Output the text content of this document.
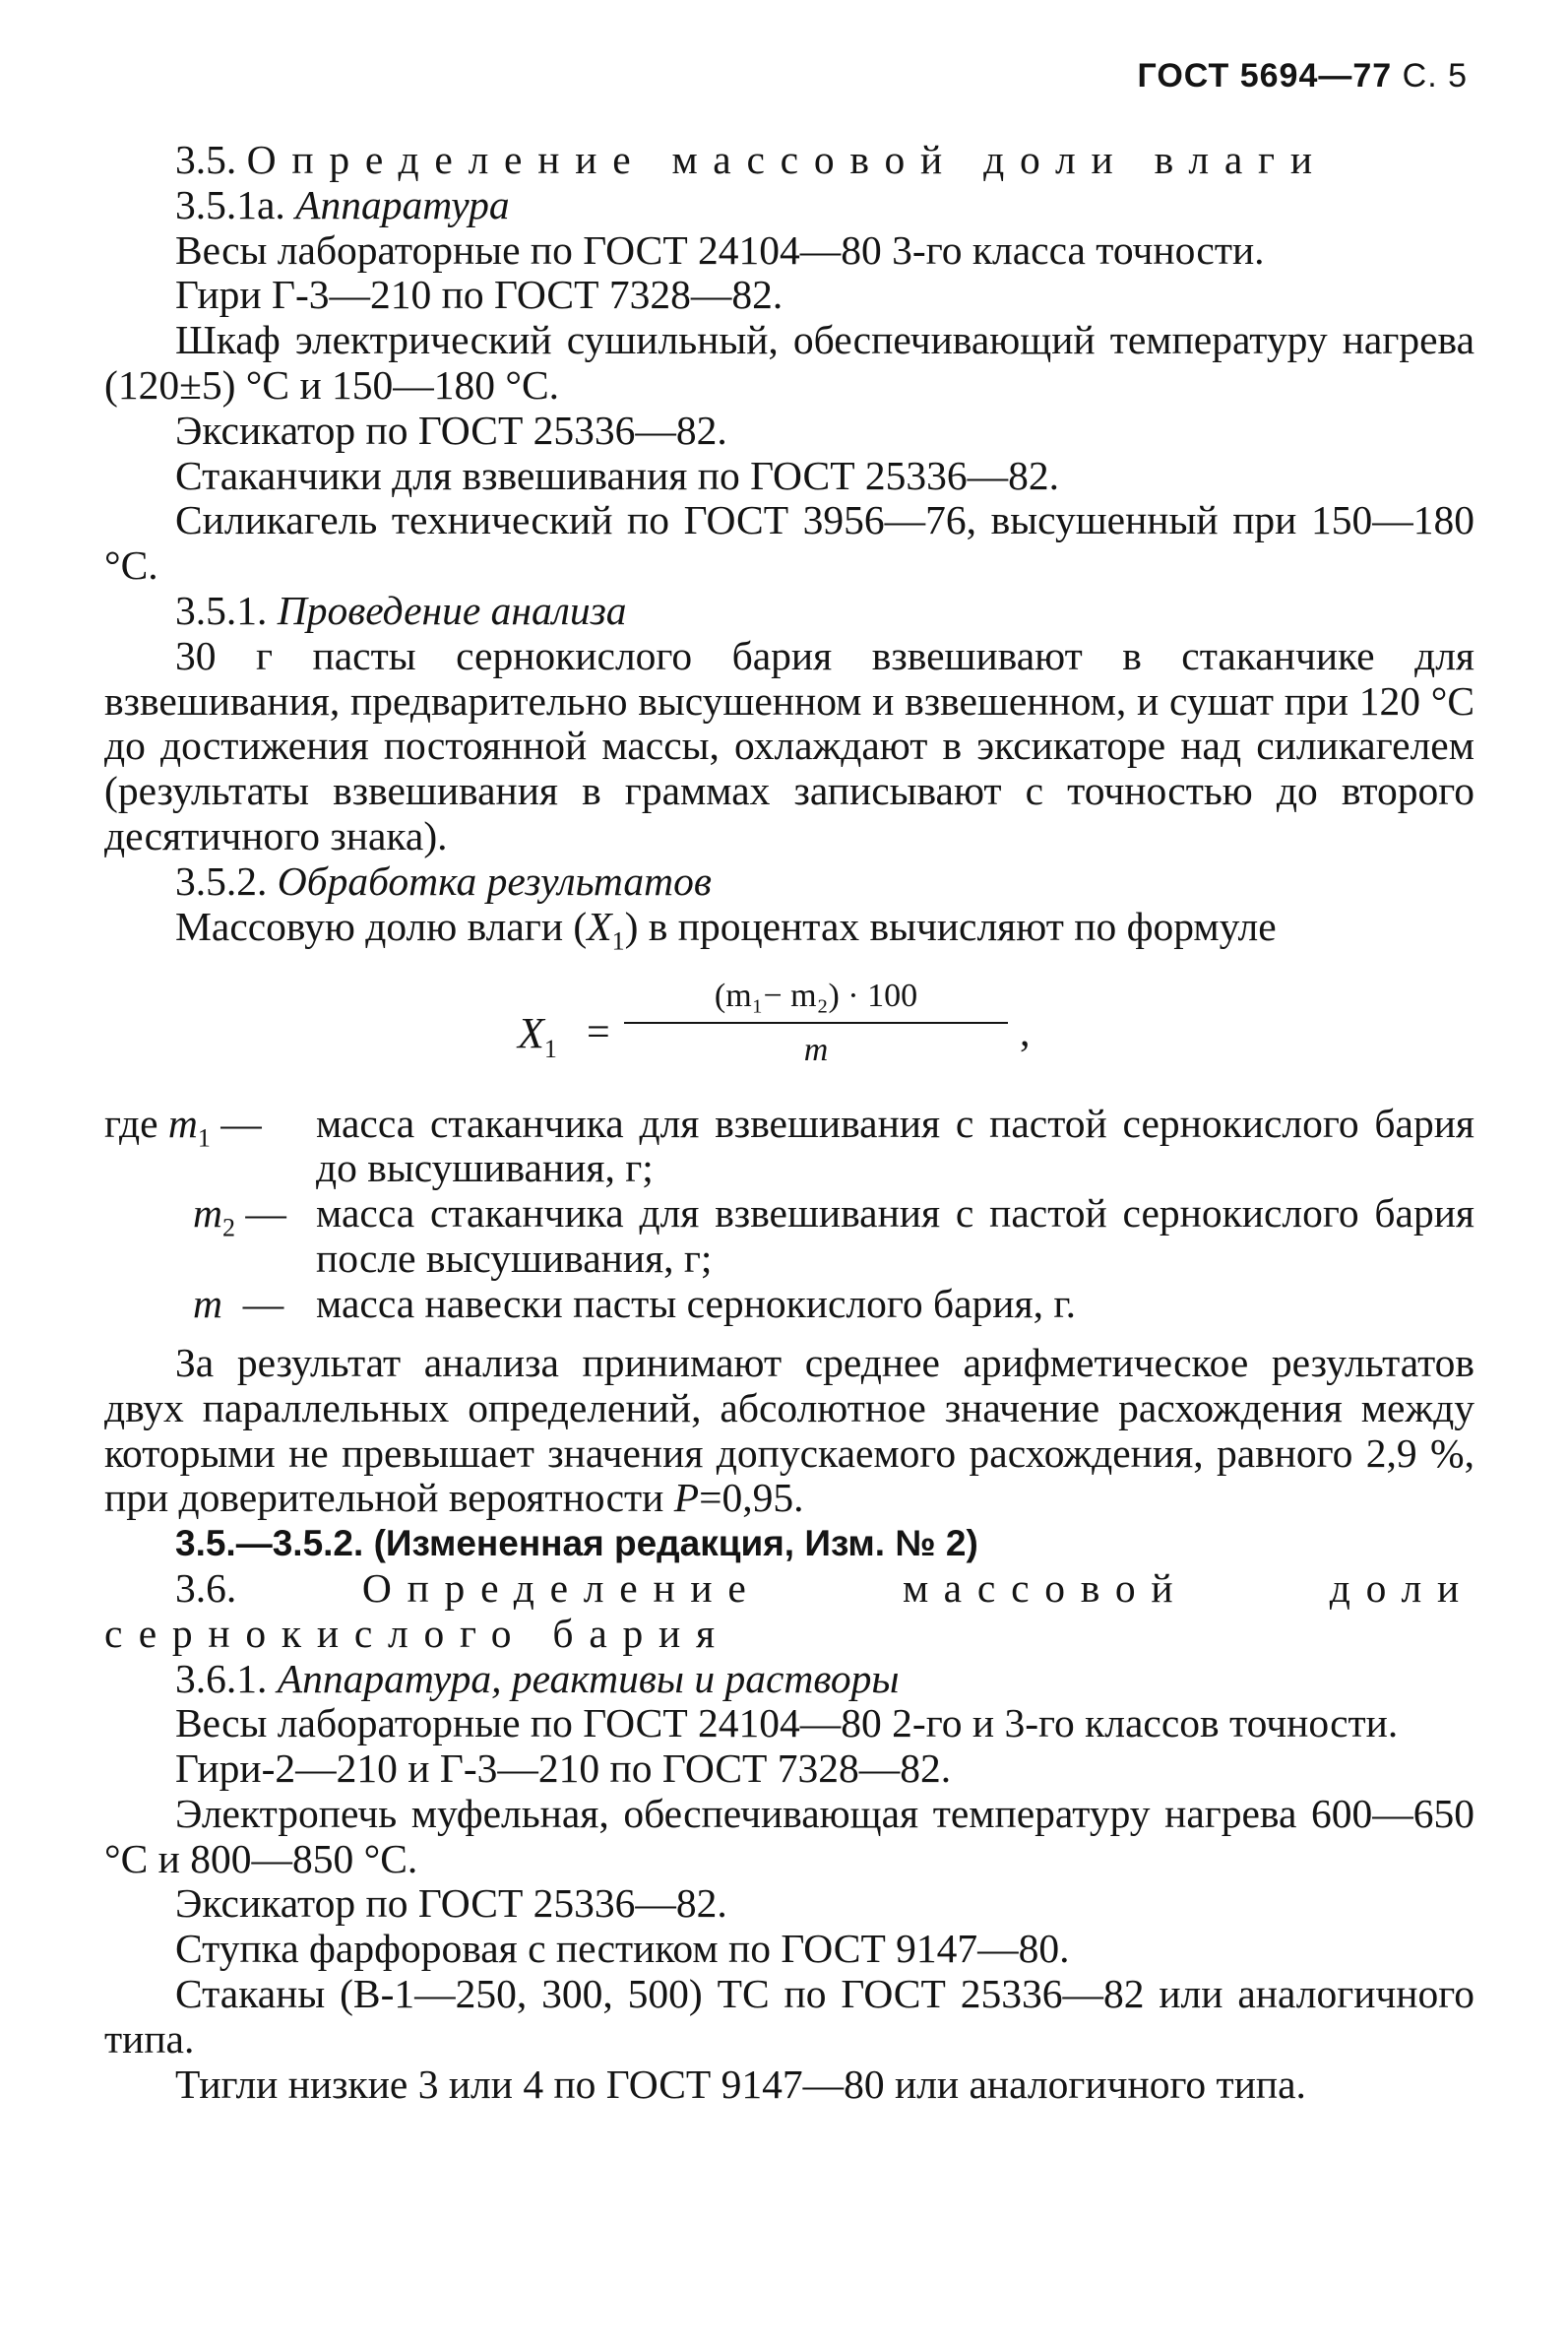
ГОСТ 5694—77 С. 5

3.5. Определение массовой доли влаги

3.5.1а. Аппаратура

Весы лабораторные по ГОСТ 24104—80 3-го класса точности.

Гири Г-3—210 по ГОСТ 7328—82.

Шкаф электрический сушильный, обеспечивающий температуру нагрева (120±5) °С и 150—180 °С.

Эксикатор по ГОСТ 25336—82.

Стаканчики для взвешивания по ГОСТ 25336—82.

Силикагель технический по ГОСТ 3956—76, высушенный при 150—180 °С.

3.5.1. Проведение анализа

30 г пасты сернокислого бария взвешивают в стаканчике для взвешивания, предварительно высушенном и взвешенном, и сушат при 120 °С до достижения постоянной массы, охлаждают в эксикаторе над силикагелем (результаты взвешивания в граммах записывают с точностью до второго десятичного знака).

3.5.2. Обработка результатов

Массовую долю влаги $(X_1)$ в процентах вычисляют по формуле

$X_1 = \frac{\text{(m₁− m₂) · 100}}{m}$ ,
где $m_1$ —	масса стаканчика для взвешивания с пастой сернокислого бария до высушивания, г;
$m_2$ — масса стаканчика для взвешивания с пастой сернокислого бария после высушивания, г;
m — масса навески пасты сернокислого бария, г.

За результат анализа принимают среднее арифметическое результатов двух параллельных определений, абсолютное значение расхождения между которыми не превышает значения допускаемого расхождения, равного 2,9 %, при доверительной вероятности P=0,95.

3.5.—3.5.2. (Измененная редакция, Изм. № 2)

3.6.	Определение массовой доли сернокислого бария

3.6.1. Аппаратура, реактивы и растворы

Весы лабораторные по ГОСТ 24104—80 2-го и 3-го классов точности.

Гири-2—210 и Г-3—210 по ГОСТ 7328—82.

Электропечь муфельная, обеспечивающая температуру нагрева 600—650 °С и 800—850 °С.

Эксикатор по ГОСТ 25336—82.

Ступка фарфоровая с пестиком по ГОСТ 9147—80.

Стаканы (В-1—250, 300, 500) ТС по ГОСТ 25336—82 или аналогичного типа.

Тигли низкие 3 или 4 по ГОСТ 9147—80 или аналогичного типа.
